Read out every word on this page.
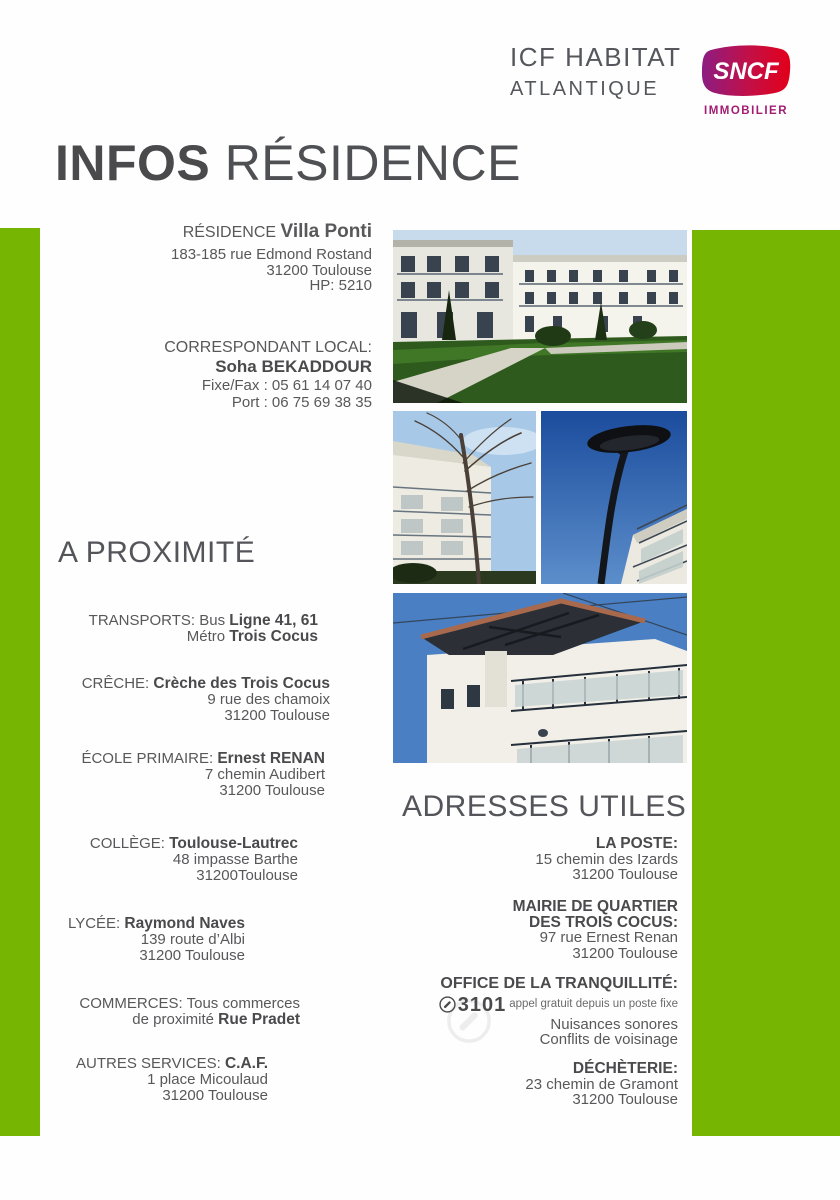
ICF HABITAT
ATLANTIQUE
SNCF
IMMOBILIER
INFOS RÉSIDENCE
RÉSIDENCE Villa Ponti
183-185 rue Edmond Rostand
31200 Toulouse
HP: 5210
CORRESPONDANT LOCAL:
Soha BEKADDOUR
Fixe/Fax : 05 61 14 07 40
Port : 06 75 69 38 35
A PROXIMITÉ
TRANSPORTS: Bus Ligne 41, 61
Métro Trois Cocus
CRÊCHE: Crèche des Trois Cocus
9 rue des chamoix
31200 Toulouse
ÉCOLE PRIMAIRE: Ernest RENAN
7 chemin Audibert
31200 Toulouse
COLLÈGE: Toulouse-Lautrec
48 impasse Barthe
31200Toulouse
LYCÉE: Raymond Naves
139 route d’Albi
31200 Toulouse
COMMERCES: Tous commerces
de proximité Rue Pradet
AUTRES SERVICES: C.A.F.
1 place Micoulaud
31200 Toulouse
ADRESSES UTILES
LA POSTE:
15 chemin des Izards
31200 Toulouse
MAIRIE DE QUARTIER
DES TROIS COCUS:
97 rue Ernest Renan
31200 Toulouse
OFFICE DE LA TRANQUILLITÉ:
3101 appel gratuit depuis un poste fixe
Nuisances sonores
Conflits de voisinage
DÉCHÈTERIE:
23 chemin de Gramont
31200 Toulouse
